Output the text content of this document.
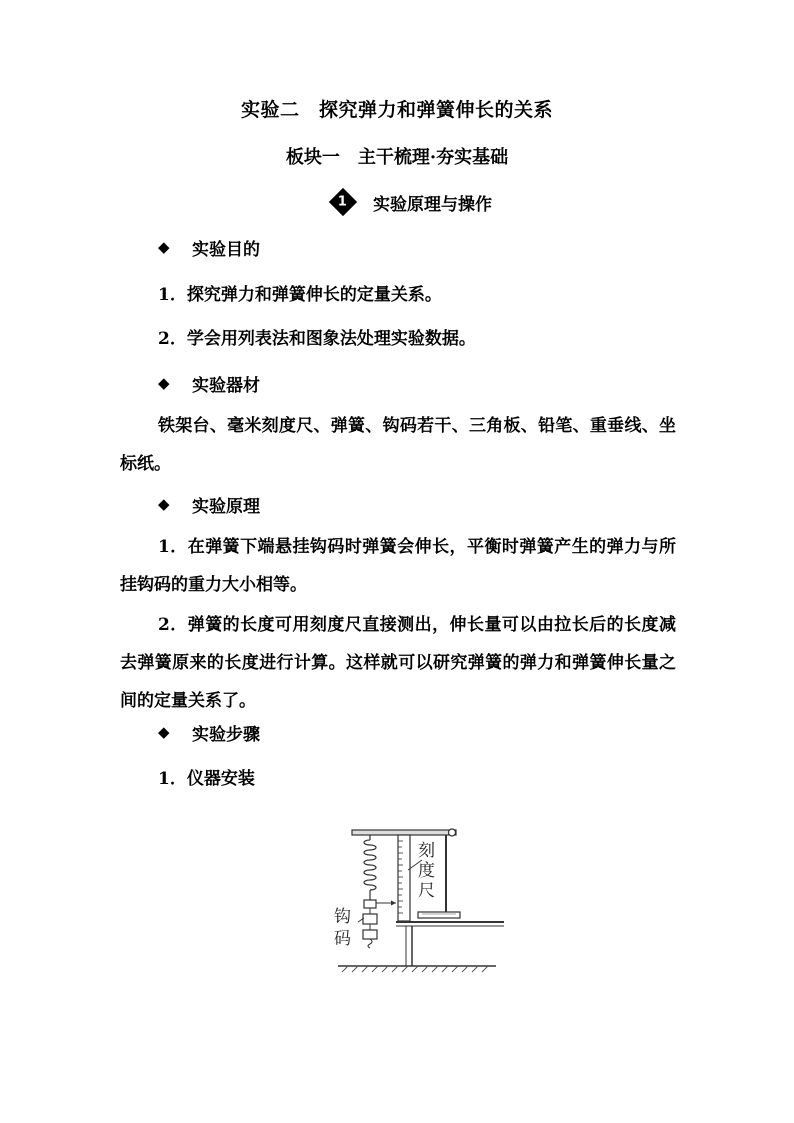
实验二　探究弹力和弹簧伸长的关系
板块一　主干梳理·夯实基础
1 实验原理与操作
◆	实验目的
1．探究弹力和弹簧伸长的定量关系。
2．学会用列表法和图象法处理实验数据。
◆	实验器材
铁架台、毫米刻度尺、弹簧、钩码若干、三角板、铅笔、重垂线、坐标纸。
◆	实验原理
1．在弹簧下端悬挂钩码时弹簧会伸长，平衡时弹簧产生的弹力与所挂钩码的重力大小相等。
2．弹簧的长度可用刻度尺直接测出，伸长量可以由拉长后的长度减去弹簧原来的长度进行计算。这样就可以研究弹簧的弹力和弹簧伸长量之间的定量关系了。
◆	实验步骤
1．仪器安装
刻
度
尺
钩
码
